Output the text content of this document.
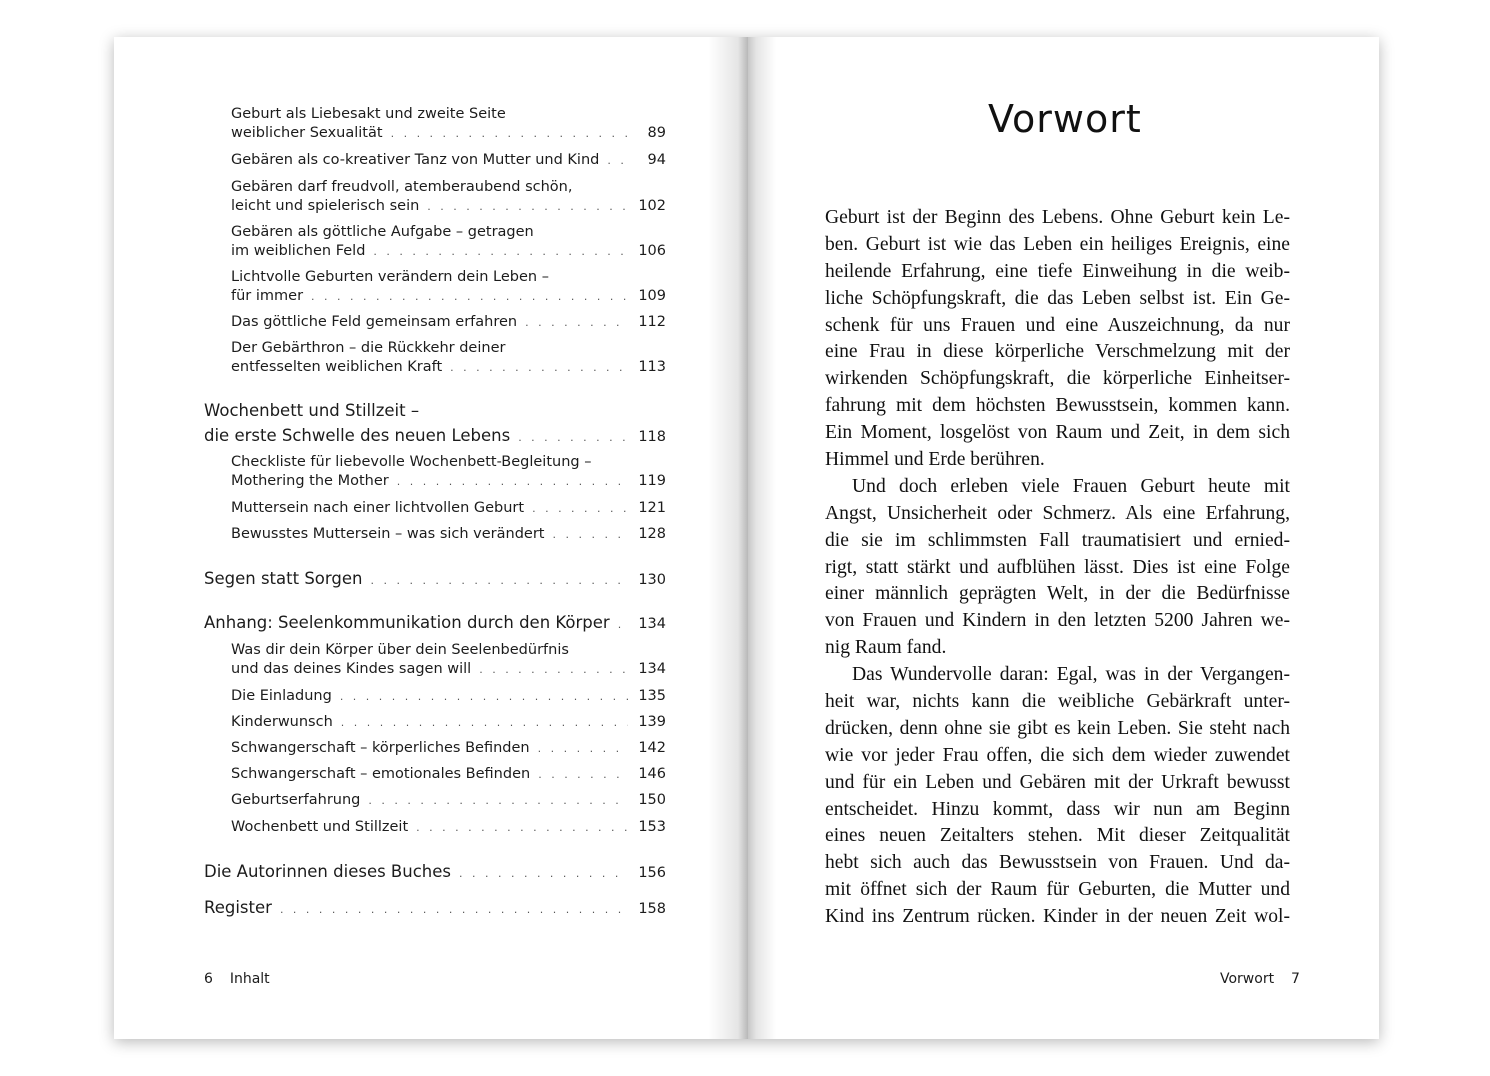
Geburt als Liebesakt und zweite Seite
weiblicher Sexualität . . .	89
Gebären als co-kreativer Tanz von Mutter und Kind . . .	94
Gebären darf freudvoll, atemberaubend schön,
leicht und spielerisch sein . . .	102
Gebären als göttliche Aufgabe – getragen
im weiblichen Feld . . .	106
Lichtvolle Geburten verändern dein Leben –
für immer . . .	109
Das göttliche Feld gemeinsam erfahren . . .	112
Der Gebärthron – die Rückkehr deiner
entfesselten weiblichen Kraft . . .	113
Wochenbett und Stillzeit –
die erste Schwelle des neuen Lebens . . .	118
Checkliste für liebevolle Wochenbett-Begleitung –
Mothering the Mother . . .	119
Muttersein nach einer lichtvollen Geburt . . .	121
Bewusstes Muttersein – was sich verändert . . .	128
Segen statt Sorgen . . .	130
Anhang: Seelenkommunikation durch den Körper . . . 134
Was dir dein Körper über dein Seelenbedürfnis
und das deines Kindes sagen will . . .	134
Die Einladung . . .	135
Kinderwunsch . . .	139
Schwangerschaft – körperliches Befinden . . .	142
Schwangerschaft – emotionales Befinden . . .	146
Geburtserfahrung . . .	150
Wochenbett und Stillzeit . . .	153
Die Autorinnen dieses Buches . . .	156
Register . . .	158
6 Inhalt
Vorwort
Geburt ist der Beginn des Lebens. Ohne Geburt kein Le-
ben. Geburt ist wie das Leben ein heiliges Ereignis, eine
heilende Erfahrung, eine tiefe Einweihung in die weib-
liche Schöpfungskraft, die das Leben selbst ist. Ein Ge-
schenk für uns Frauen und eine Auszeichnung, da nur
eine Frau in diese körperliche Verschmelzung mit der
wirkenden Schöpfungskraft, die körperliche Einheitser-
fahrung mit dem höchsten Bewusstsein, kommen kann.
Ein Moment, losgelöst von Raum und Zeit, in dem sich
Himmel und Erde berühren.
Und doch erleben viele Frauen Geburt heute mit
Angst, Unsicherheit oder Schmerz. Als eine Erfahrung,
die sie im schlimmsten Fall traumatisiert und ernied-
rigt, statt stärkt und aufblühen lässt. Dies ist eine Folge
einer männlich geprägten Welt, in der die Bedürfnisse
von Frauen und Kindern in den letzten 5200 Jahren we-
nig Raum fand.
Das Wundervolle daran: Egal, was in der Vergangen-
heit war, nichts kann die weibliche Gebärkraft unter-
drücken, denn ohne sie gibt es kein Leben. Sie steht nach
wie vor jeder Frau offen, die sich dem wieder zuwendet
und für ein Leben und Gebären mit der Urkraft bewusst
entscheidet. Hinzu kommt, dass wir nun am Beginn
eines neuen Zeitalters stehen. Mit dieser Zeitqualität
hebt sich auch das Bewusstsein von Frauen. Und da-
mit öffnet sich der Raum für Geburten, die Mutter und
Kind ins Zentrum rücken. Kinder in der neuen Zeit wol-
Vorwort 7
